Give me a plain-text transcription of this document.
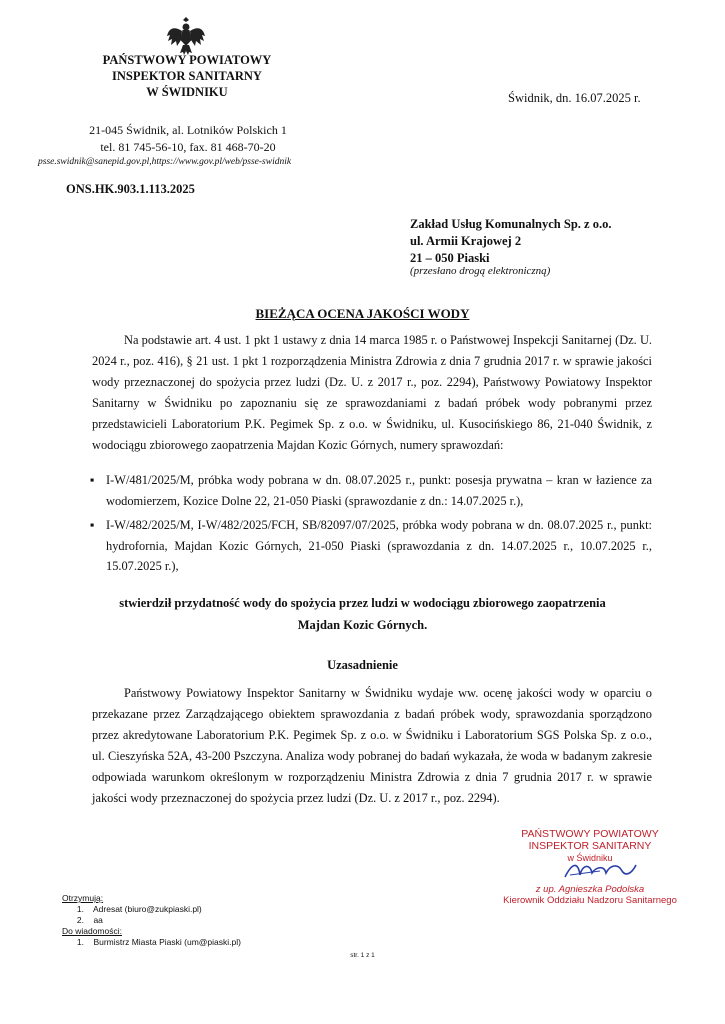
PAŃSTWOWY POWIATOWY
INSPEKTOR SANITARNY
W ŚWIDNIKU
21-045 Świdnik, al. Lotników Polskich 1
tel. 81 745-56-10, fax. 81 468-70-20
psse.swidnik@sanepid.gov.pl,https://www.gov.pl/web/psse-swidnik
ONS.HK.903.1.113.2025
Świdnik, dn. 16.07.2025 r.
Zakład Usług Komunalnych Sp. z o.o.
ul. Armii Krajowej 2
21 – 050 Piaski
(przesłano drogą elektroniczną)
BIEŻĄCA OCENA JAKOŚCI WODY

Na podstawie art. 4 ust. 1 pkt 1 ustawy z dnia 14 marca 1985 r. o Państwowej Inspekcji Sanitarnej (Dz. U. 2024 r., poz. 416), § 21 ust. 1 pkt 1 rozporządzenia Ministra Zdrowia z dnia 7 grudnia 2017 r. w sprawie jakości wody przeznaczonej do spożycia przez ludzi (Dz. U. z 2017 r., poz. 2294), Państwowy Powiatowy Inspektor Sanitarny w Świdniku po zapoznaniu się ze sprawozdaniami z badań próbek wody pobranymi przez przedstawicieli Laboratorium P.K. Pegimek Sp. z o.o. w Świdniku, ul. Kusocińskiego 86, 21-040 Świdnik, z wodociągu zbiorowego zaopatrzenia Majdan Kozic Górnych, numery sprawozdań:

▪ I-W/481/2025/M, próbka wody pobrana w dn. 08.07.2025 r., punkt: posesja prywatna – kran w łazience za wodomierzem, Kozice Dolne 22, 21-050 Piaski (sprawozdanie z dn.: 14.07.2025 r.),
▪ I-W/482/2025/M, I-W/482/2025/FCH, SB/82097/07/2025, próbka wody pobrana w dn. 08.07.2025 r., punkt: hydrofornia, Majdan Kozic Górnych, 21-050 Piaski (sprawozdania z dn. 14.07.2025 r., 10.07.2025 r., 15.07.2025 r.),
stwierdził przydatność wody do spożycia przez ludzi w wodociągu zbiorowego zaopatrzenia
Majdan Kozic Górnych.
Uzasadnienie

Państwowy Powiatowy Inspektor Sanitarny w Świdniku wydaje ww. ocenę jakości wody w oparciu o przekazane przez Zarządzającego obiektem sprawozdania z badań próbek wody, sprawozdania sporządzono przez akredytowane Laboratorium P.K. Pegimek Sp. z o.o. w Świdniku i Laboratorium SGS Polska Sp. z o.o., ul. Cieszyńska 52A, 43-200 Pszczyna. Analiza wody pobranej do badań wykazała, że woda w badanym zakresie odpowiada warunkom określonym w rozporządzeniu Ministra Zdrowia z dnia 7 grudnia 2017 r. w sprawie jakości wody przeznaczonej do spożycia przez ludzi (Dz. U. z 2017 r., poz. 2294).

PAŃSTWOWY POWIATOWY
INSPEKTOR SANITARNY
w Świdniku
z up. Agnieszka Podolska
Kierownik Oddziału Nadzoru Sanitarnego
Otrzymują:
1. Adresat (biuro@zukpiaski.pl)
2. aa
Do wiadomości:
1. Burmistrz Miasta Piaski (um@piaski.pl)
str. 1 z 1
